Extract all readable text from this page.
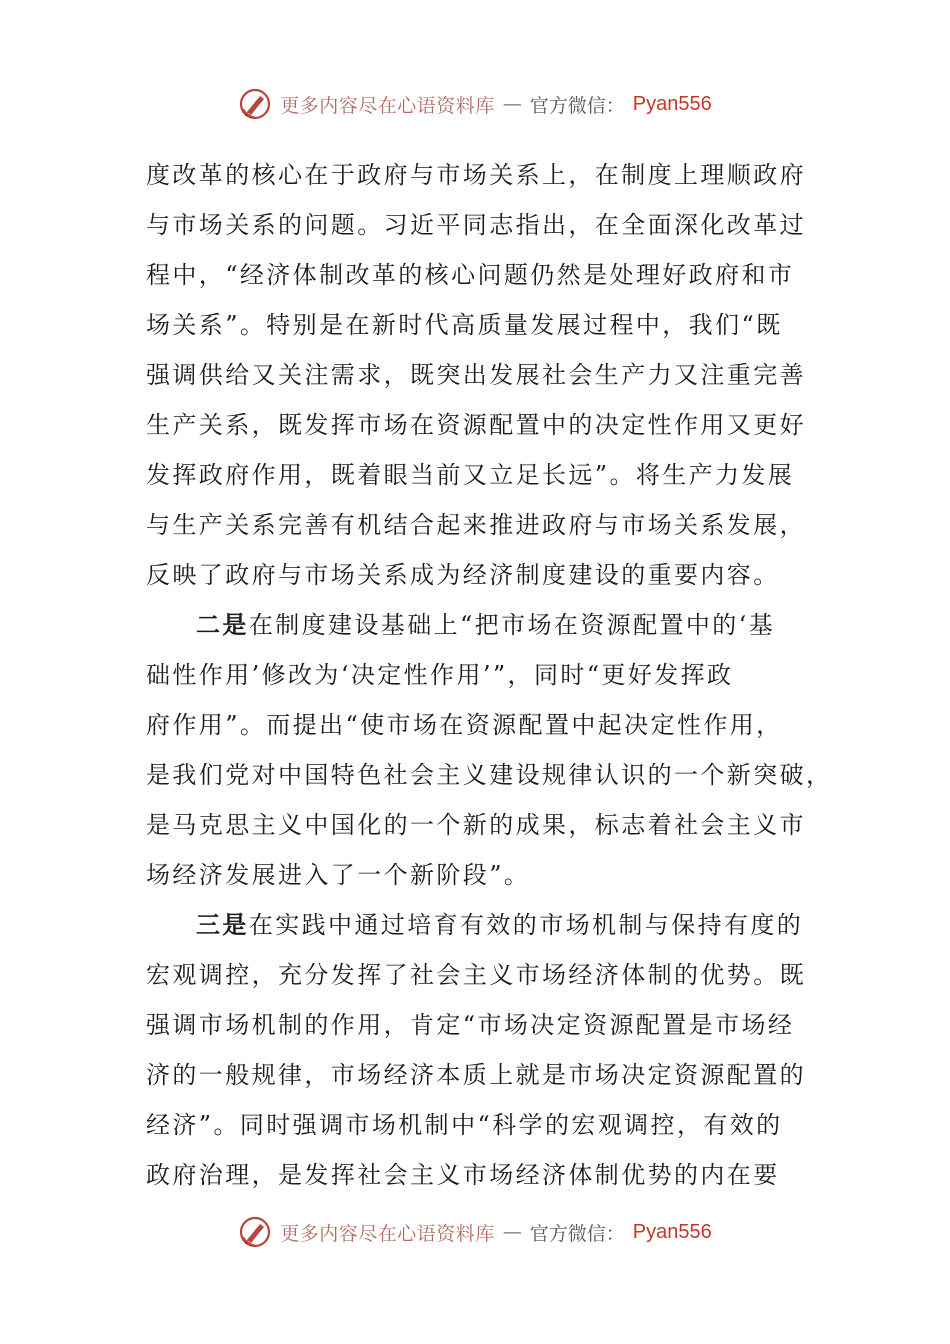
更多内容尽在心语资料库 — 官方微信： Pyan556
度改革的核心在于政府与市场关系上，在制度上理顺政府
与市场关系的问题。习近平同志指出，在全面深化改革过
程中，“经济体制改革的核心问题仍然是处理好政府和市
场关系”。特别是在新时代高质量发展过程中，我们“既
强调供给又关注需求，既突出发展社会生产力又注重完善
生产关系，既发挥市场在资源配置中的决定性作用又更好
发挥政府作用，既着眼当前又立足长远”。将生产力发展
与生产关系完善有机结合起来推进政府与市场关系发展，
反映了政府与市场关系成为经济制度建设的重要内容。
二是在制度建设基础上“把市场在资源配置中的‘基
础性作用’修改为‘决定性作用’”，同时“更好发挥政
府作用”。而提出“使市场在资源配置中起决定性作用，
是我们党对中国特色社会主义建设规律认识的一个新突破，
是马克思主义中国化的一个新的成果，标志着社会主义市
场经济发展进入了一个新阶段”。
三是在实践中通过培育有效的市场机制与保持有度的
宏观调控，充分发挥了社会主义市场经济体制的优势。既
强调市场机制的作用，肯定“市场决定资源配置是市场经
济的一般规律，市场经济本质上就是市场决定资源配置的
经济”。同时强调市场机制中“科学的宏观调控，有效的
政府治理，是发挥社会主义市场经济体制优势的内在要
更多内容尽在心语资料库 — 官方微信： Pyan556
